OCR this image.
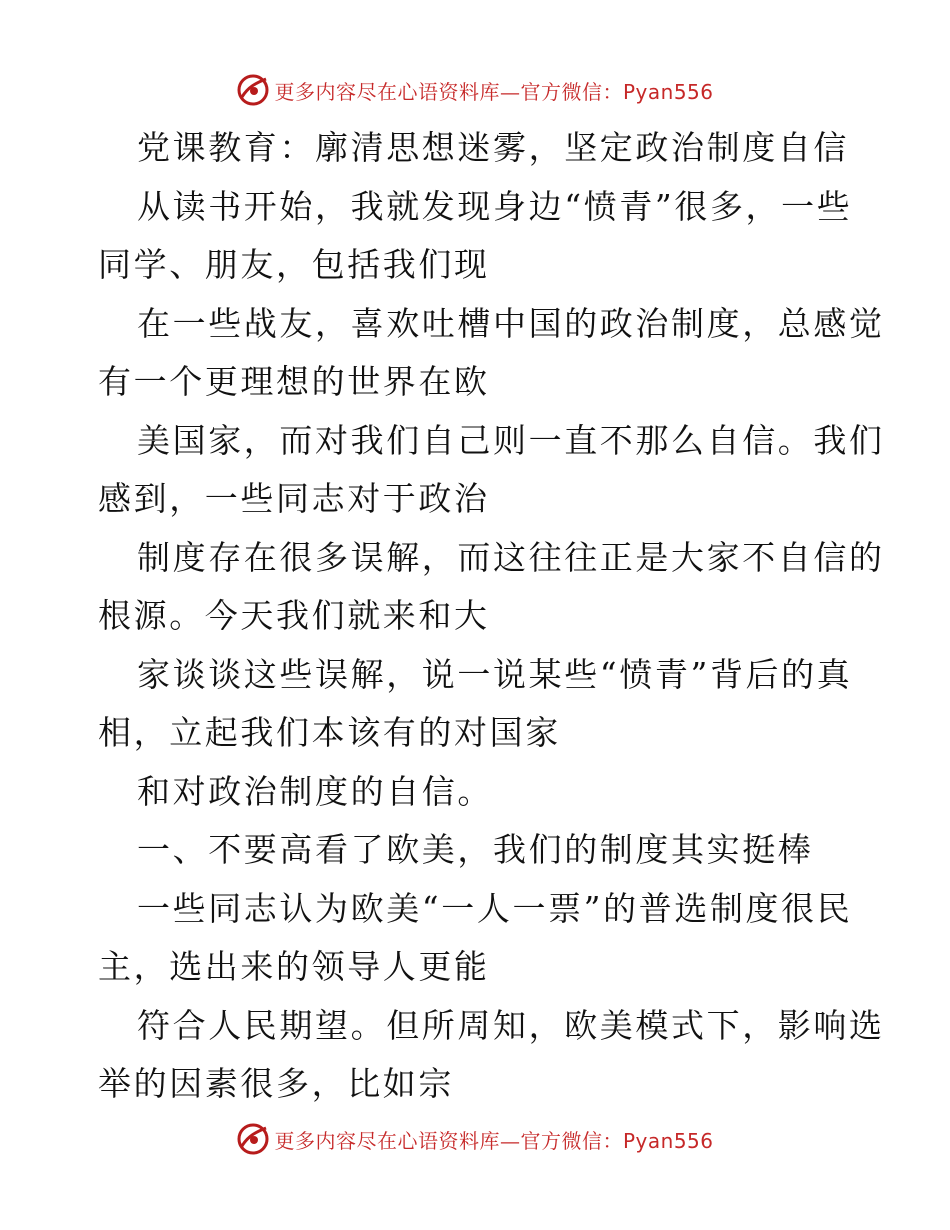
更多内容尽在心语资料库—官方微信：Pyan556
党课教育：廓清思想迷雾，坚定政治制度自信
从读书开始，我就发现身边“愤青”很多，一些
同学、朋友，包括我们现
在一些战友，喜欢吐槽中国的政治制度，总感觉
有一个更理想的世界在欧
美国家，而对我们自己则一直不那么自信。我们
感到，一些同志对于政治
制度存在很多误解，而这往往正是大家不自信的
根源。今天我们就来和大
家谈谈这些误解，说一说某些“愤青”背后的真
相，立起我们本该有的对国家
和对政治制度的自信。
一、不要高看了欧美，我们的制度其实挺棒
一些同志认为欧美“一人一票”的普选制度很民
主，选出来的领导人更能
符合人民期望。但所周知，欧美模式下，影响选
举的因素很多，比如宗
更多内容尽在心语资料库—官方微信：Pyan556
